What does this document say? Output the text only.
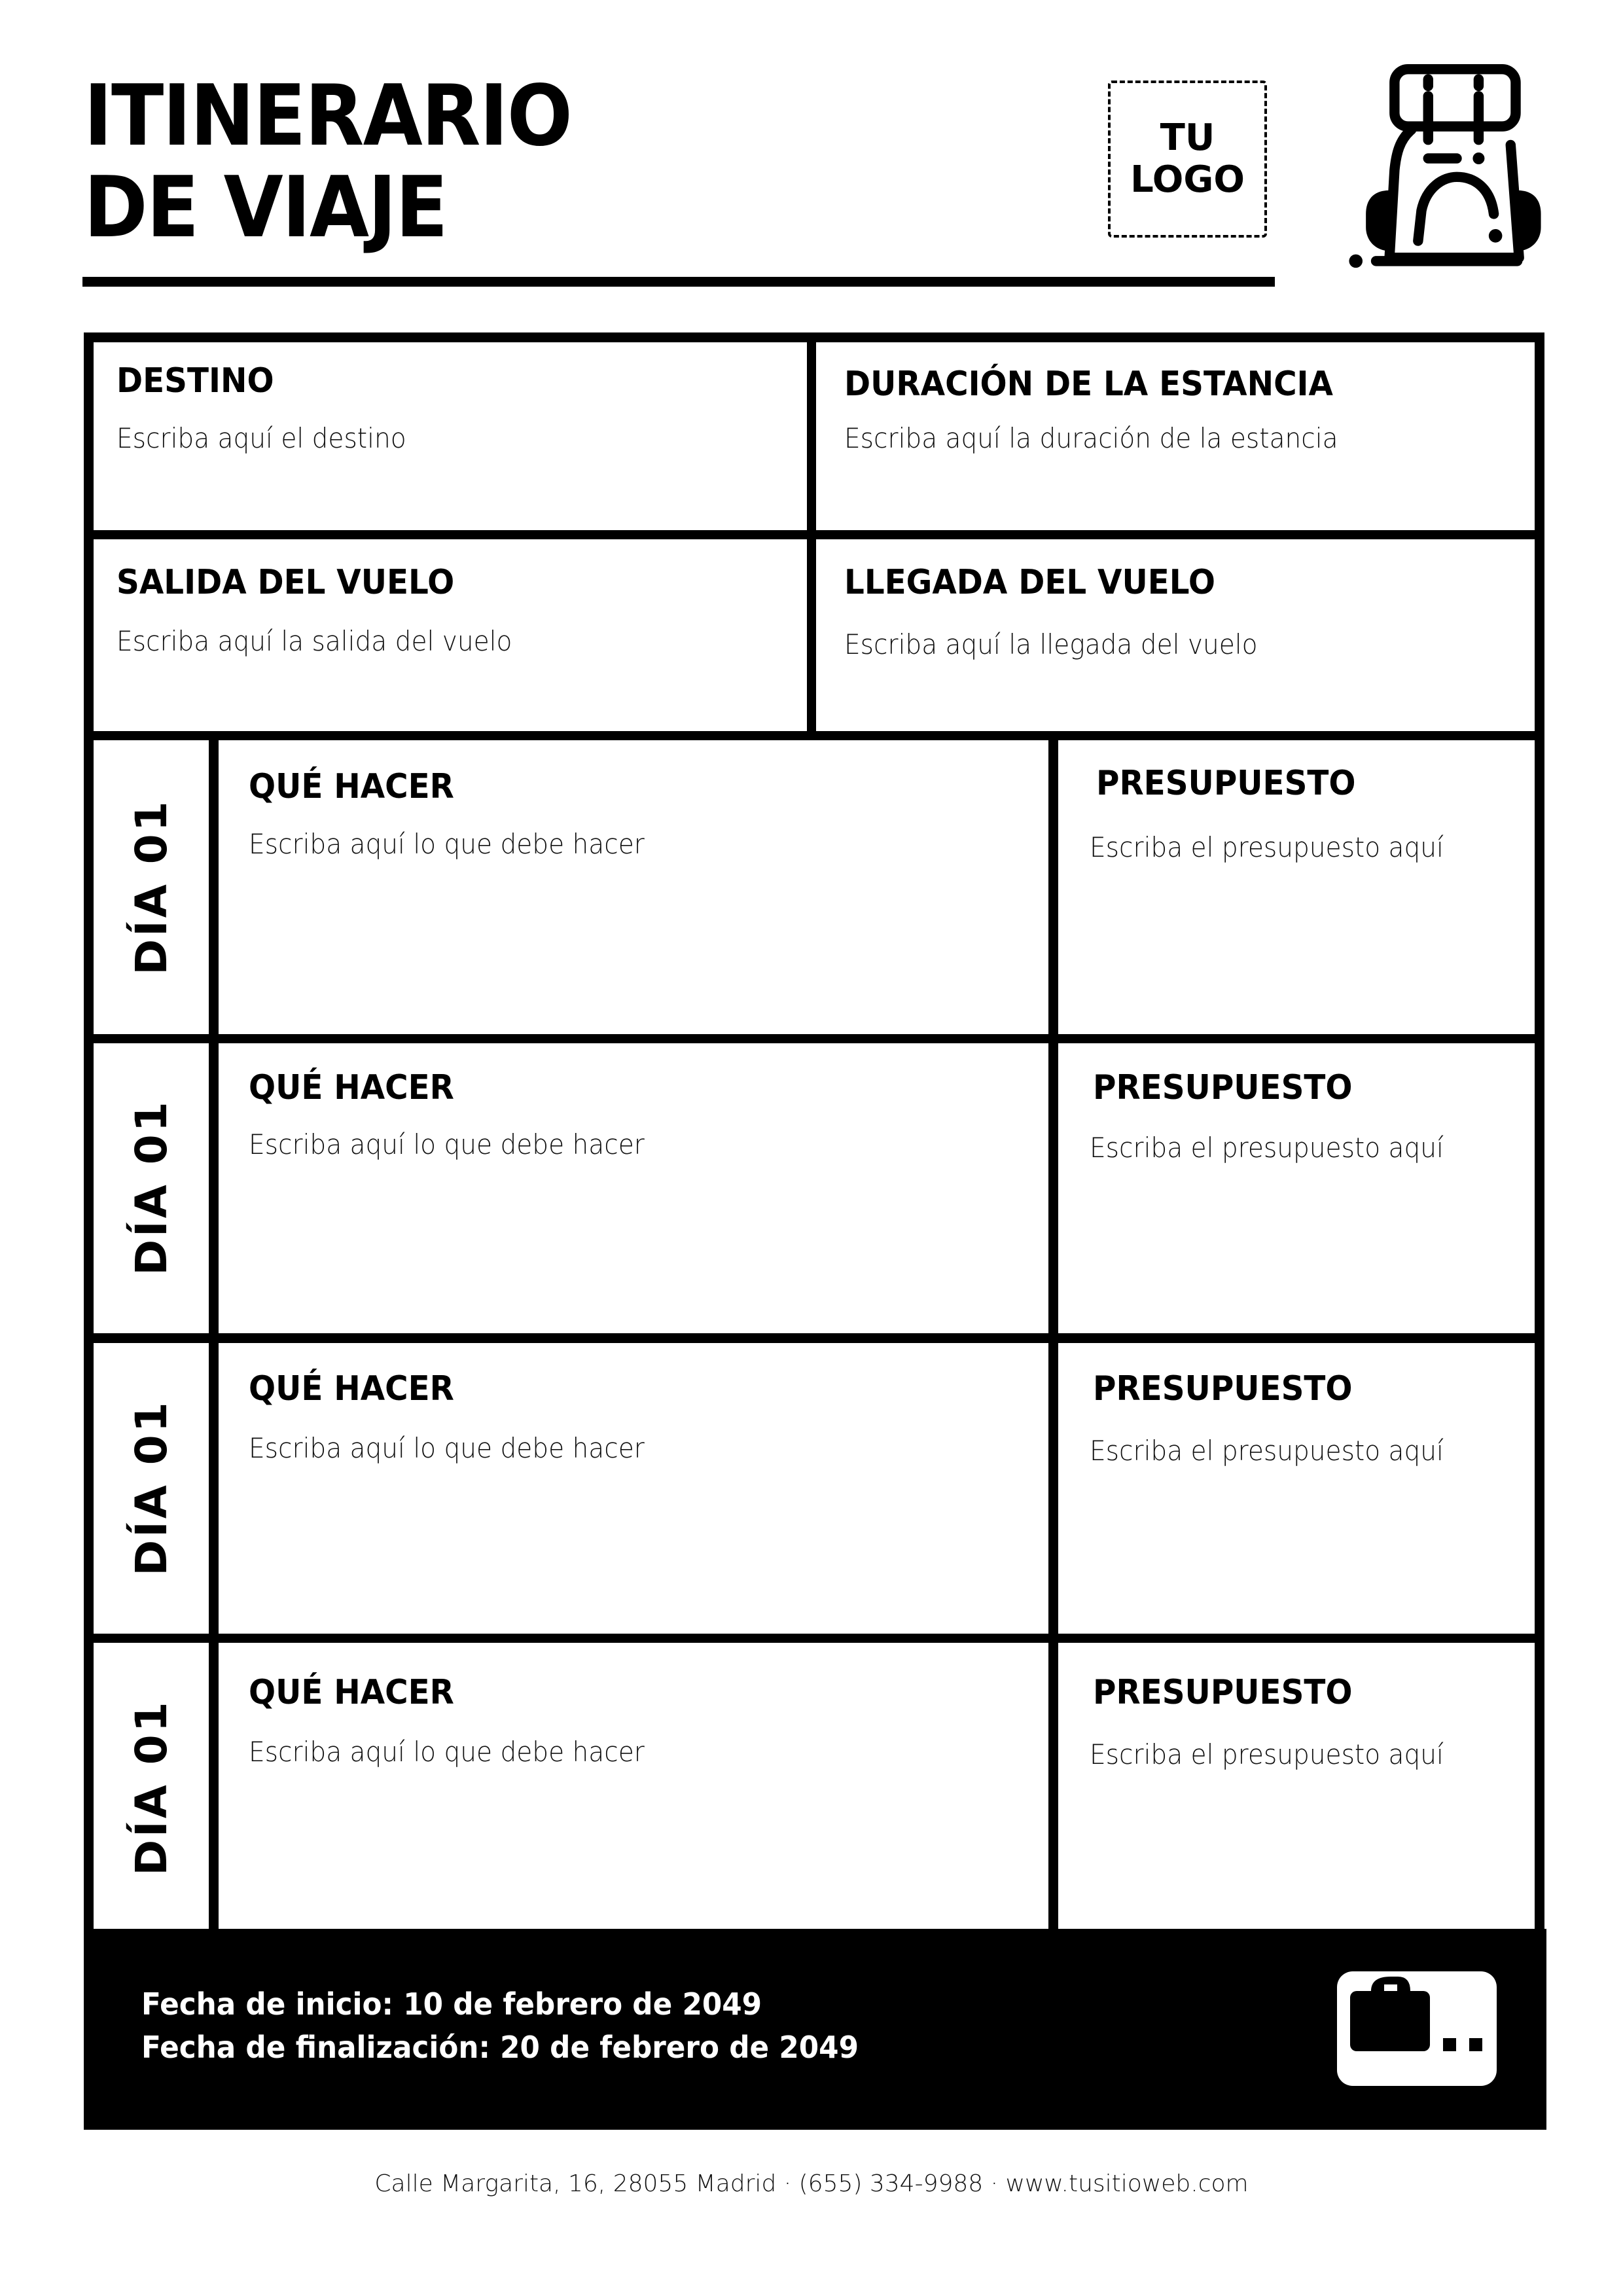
ITINERARIO
DE VIAJE
TU
LOGO
DESTINO
Escriba aquí el destino
DURACIÓN DE LA ESTANCIA
Escriba aquí la duración de la estancia
SALIDA DEL VUELO
Escriba aquí la salida del vuelo
LLEGADA DEL VUELO
Escriba aquí la llegada del vuelo
DÍA 01
QUÉ HACER
Escriba aquí lo que debe hacer
PRESUPUESTO
Escriba el presupuesto aquí
DÍA 01
QUÉ HACER
Escriba aquí lo que debe hacer
PRESUPUESTO
Escriba el presupuesto aquí
DÍA 01
QUÉ HACER
Escriba aquí lo que debe hacer
PRESUPUESTO
Escriba el presupuesto aquí
DÍA 01
QUÉ HACER
Escriba aquí lo que debe hacer
PRESUPUESTO
Escriba el presupuesto aquí
Fecha de inicio: 10 de febrero de 2049
Fecha de finalización: 20 de febrero de 2049
Calle Margarita, 16, 28055 Madrid · (655) 334-9988 · www.tusitioweb.com
